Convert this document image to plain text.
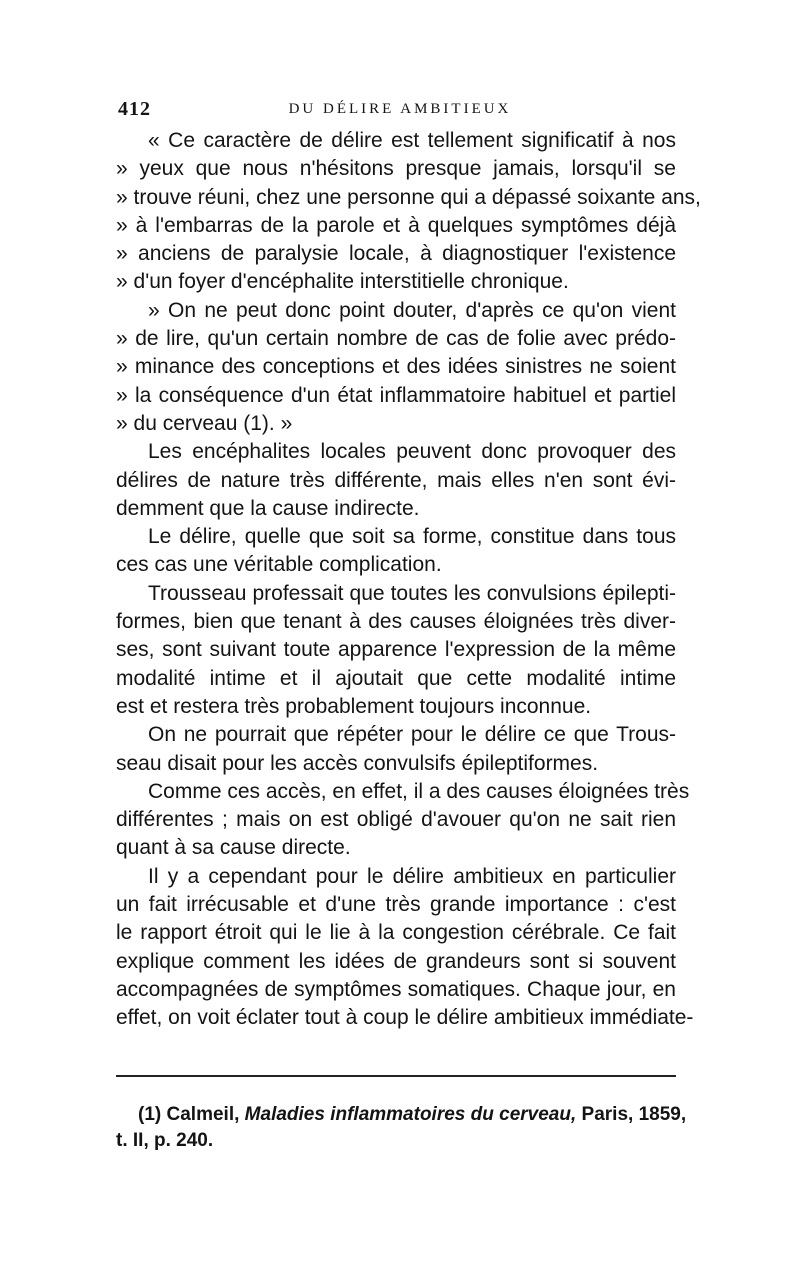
412	DU DÉLIRE AMBITIEUX
« Ce caractère de délire est tellement significatif à nos
» yeux que nous n'hésitons presque jamais, lorsqu'il se
» trouve réuni, chez une personne qui a dépassé soixante ans,
» à l'embarras de la parole et à quelques symptômes déjà
» anciens de paralysie locale, à diagnostiquer l'existence
» d'un foyer d'encéphalite interstitielle chronique.
» On ne peut donc point douter, d'après ce qu'on vient
» de lire, qu'un certain nombre de cas de folie avec prédo-
» minance des conceptions et des idées sinistres ne soient
» la conséquence d'un état inflammatoire habituel et partiel
» du cerveau (1). »
Les encéphalites locales peuvent donc provoquer des
délires de nature très différente, mais elles n'en sont évi-
demment que la cause indirecte.
Le délire, quelle que soit sa forme, constitue dans tous
ces cas une véritable complication.
Trousseau professait que toutes les convulsions épilepti-
formes, bien que tenant à des causes éloignées très diver-
ses, sont suivant toute apparence l'expression de la même
modalité intime et il ajoutait que cette modalité intime
est et restera très probablement toujours inconnue.
On ne pourrait que répéter pour le délire ce que Trous-
seau disait pour les accès convulsifs épileptiformes.
Comme ces accès, en effet, il a des causes éloignées très
différentes ; mais on est obligé d'avouer qu'on ne sait rien
quant à sa cause directe.
Il y a cependant pour le délire ambitieux en particulier
un fait irrécusable et d'une très grande importance : c'est
le rapport étroit qui le lie à la congestion cérébrale. Ce fait
explique comment les idées de grandeurs sont si souvent
accompagnées de symptômes somatiques. Chaque jour, en
effet, on voit éclater tout à coup le délire ambitieux immédiate-
(1) Calmeil, Maladies inflammatoires du cerveau, Paris, 1859,
t. II, p. 240.
